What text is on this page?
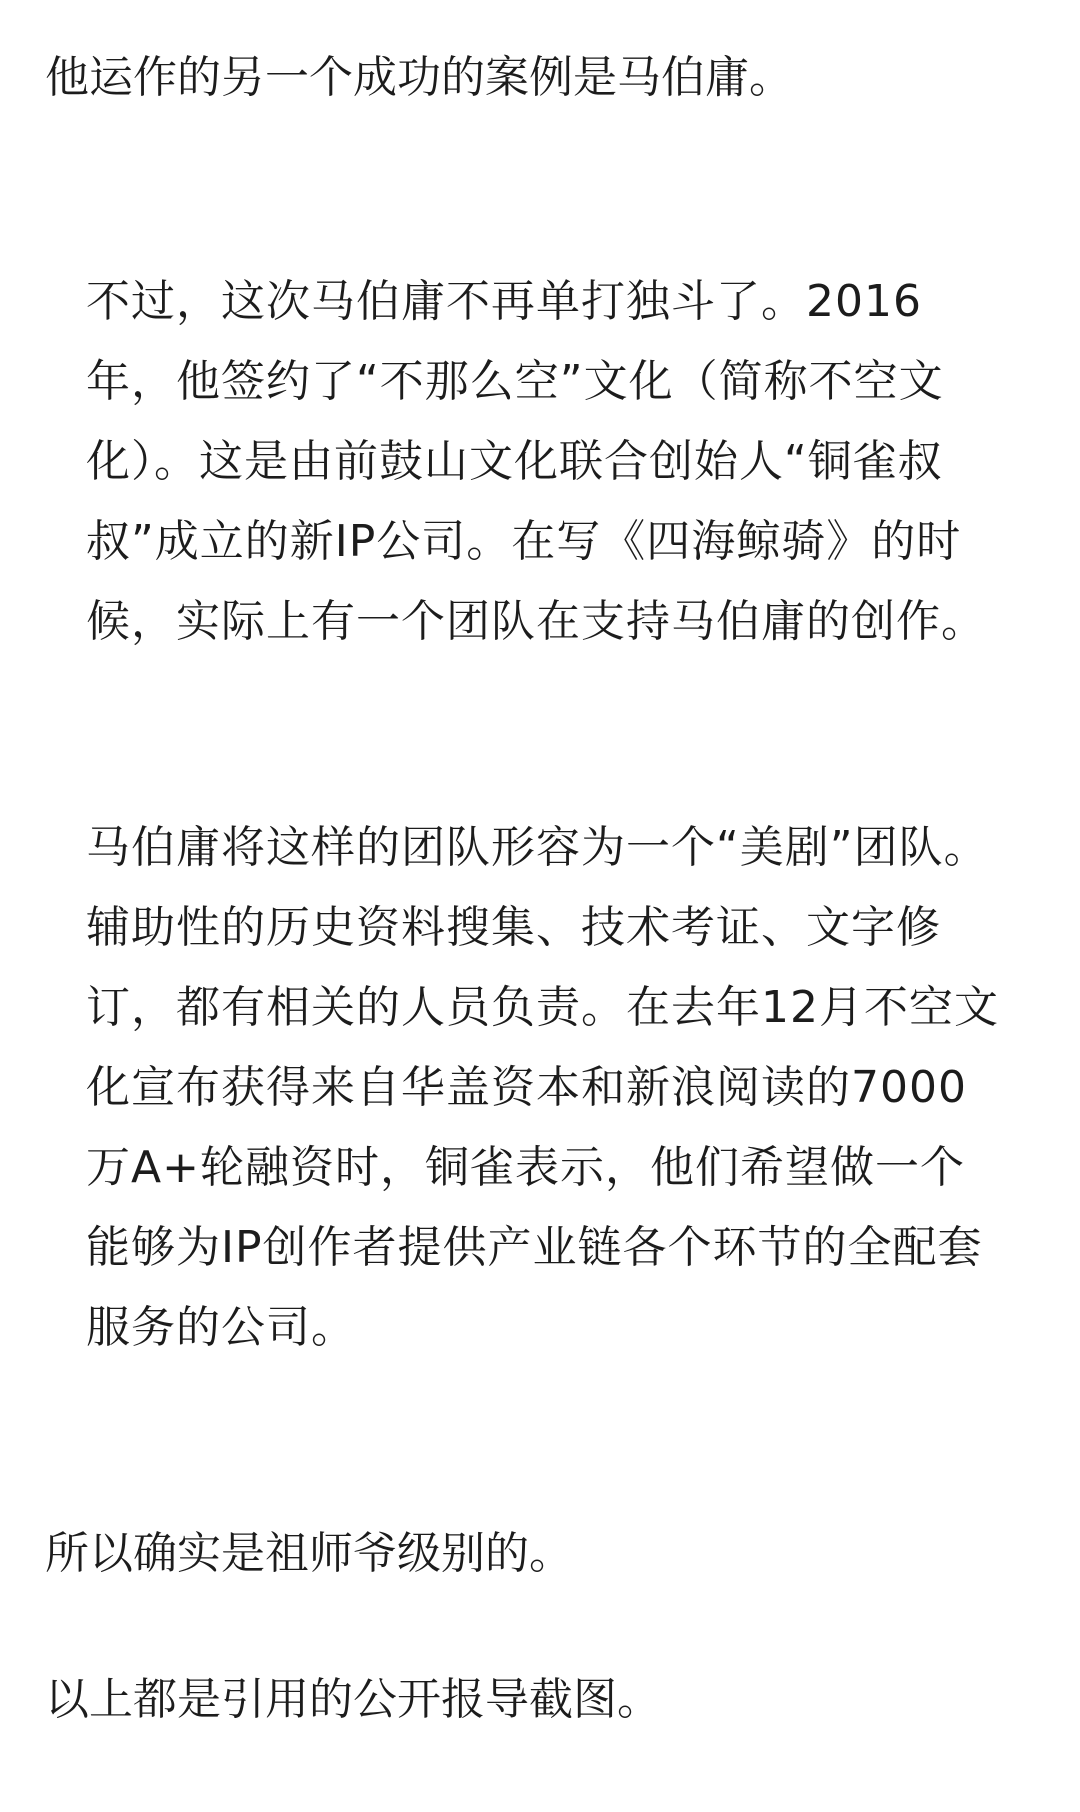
他运作的另一个成功的案例是马伯庸。

不过，这次马伯庸不再单打独斗了。2016年，他签约了“不那么空”文化（简称不空文化）。这是由前鼓山文化联合创始人“铜雀叔叔”成立的新IP公司。在写《四海鲸骑》的时候，实际上有一个团队在支持马伯庸的创作。

马伯庸将这样的团队形容为一个“美剧”团队。辅助性的历史资料搜集、技术考证、文字修订，都有相关的人员负责。在去年12月不空文化宣布获得来自华盖资本和新浪阅读的7000万A+轮融资时，铜雀表示，他们希望做一个能够为IP创作者提供产业链各个环节的全配套服务的公司。

所以确实是祖师爷级别的。

以上都是引用的公开报导截图。
